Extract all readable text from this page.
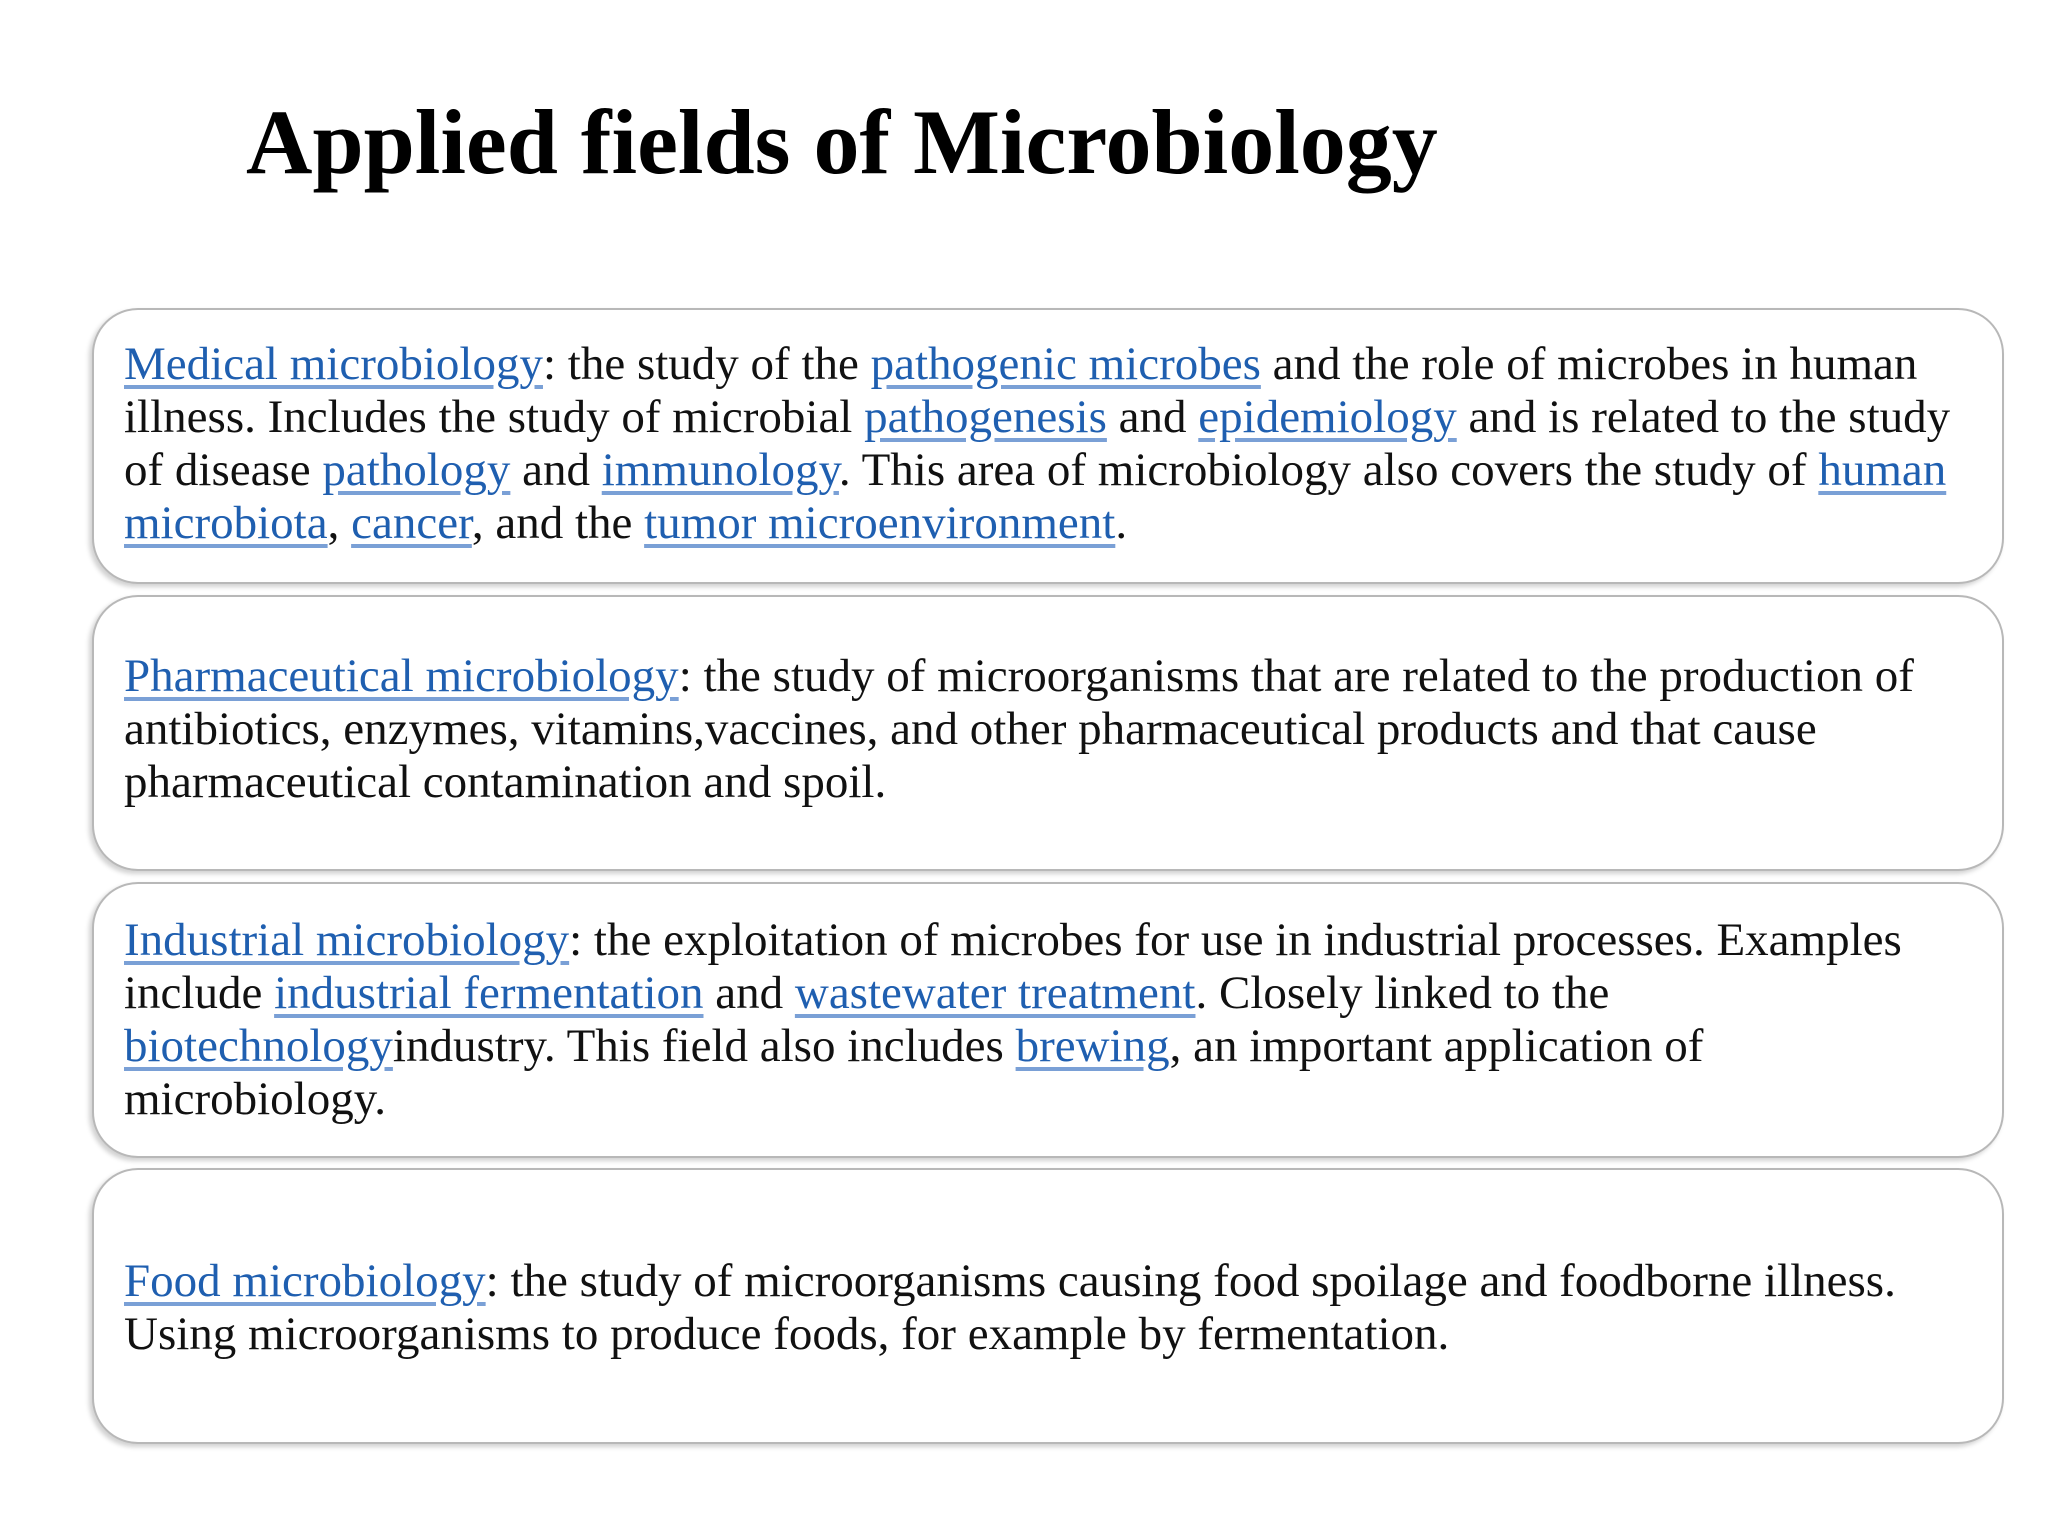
Applied fields of Microbiology

Medical microbiology: the study of the pathogenic microbes and the role of microbes in human illness. Includes the study of microbial pathogenesis and epidemiology and is related to the study of disease pathology and immunology. This area of microbiology also covers the study of human microbiota, cancer, and the tumor microenvironment.

Pharmaceutical microbiology: the study of microorganisms that are related to the production of antibiotics, enzymes, vitamins,vaccines, and other pharmaceutical products and that cause pharmaceutical contamination and spoil.

Industrial microbiology: the exploitation of microbes for use in industrial processes. Examples include industrial fermentation and wastewater treatment. Closely linked to the biotechnologyindustry. This field also includes brewing, an important application of microbiology.

Food microbiology: the study of microorganisms causing food spoilage and foodborne illness. Using microorganisms to produce foods, for example by fermentation.
